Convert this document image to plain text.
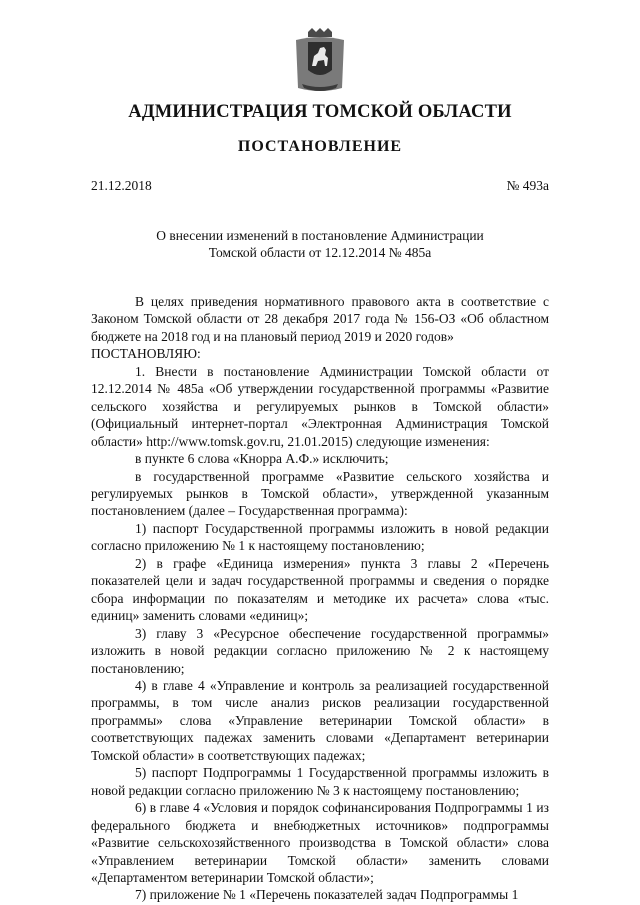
АДМИНИСТРАЦИЯ ТОМСКОЙ ОБЛАСТИ
ПОСТАНОВЛЕНИЕ
21.12.2018	№ 493а
О внесении изменений в постановление Администрации
Томской области от 12.12.2014 № 485а

В целях приведения нормативного правового акта в соответствие с Законом Томской области от 28 декабря 2017 года № 156-ОЗ «Об областном бюджете на 2018 год и на плановый период 2019 и 2020 годов»

ПОСТАНОВЛЯЮ:

1. Внести в постановление Администрации Томской области от 12.12.2014 № 485а «Об утверждении государственной программы «Развитие сельского хозяйства и регулируемых рынков в Томской области» (Официальный интернет-портал «Электронная Администрация Томской области» http://www.tomsk.gov.ru, 21.01.2015) следующие изменения:

в пункте 6 слова «Кнорра А.Ф.» исключить;

в государственной программе «Развитие сельского хозяйства и регулируемых рынков в Томской области», утвержденной указанным постановлением (далее – Государственная программа):

1) паспорт Государственной программы изложить в новой редакции согласно приложению № 1 к настоящему постановлению;

2) в графе «Единица измерения» пункта 3 главы 2 «Перечень показателей цели и задач государственной программы и сведения о порядке сбора информации по показателям и методике их расчета» слова «тыс. единиц» заменить словами «единиц»;

3) главу 3 «Ресурсное обеспечение государственной программы» изложить в новой редакции согласно приложению № 2 к настоящему постановлению;

4) в главе 4 «Управление и контроль за реализацией государственной программы, в том числе анализ рисков реализации государственной программы» слова «Управление ветеринарии Томской области» в соответствующих падежах заменить словами «Департамент ветеринарии Томской области» в соответствующих падежах;

5) паспорт Подпрограммы 1 Государственной программы изложить в новой редакции согласно приложению № 3 к настоящему постановлению;

6) в главе 4 «Условия и порядок софинансирования Подпрограммы 1 из федерального бюджета и внебюджетных источников» подпрограммы «Развитие сельскохозяйственного производства в Томской области» слова «Управлением ветеринарии Томской области» заменить словами «Департаментом ветеринарии Томской области»;

7) приложение № 1 «Перечень показателей задач Подпрограммы 1
